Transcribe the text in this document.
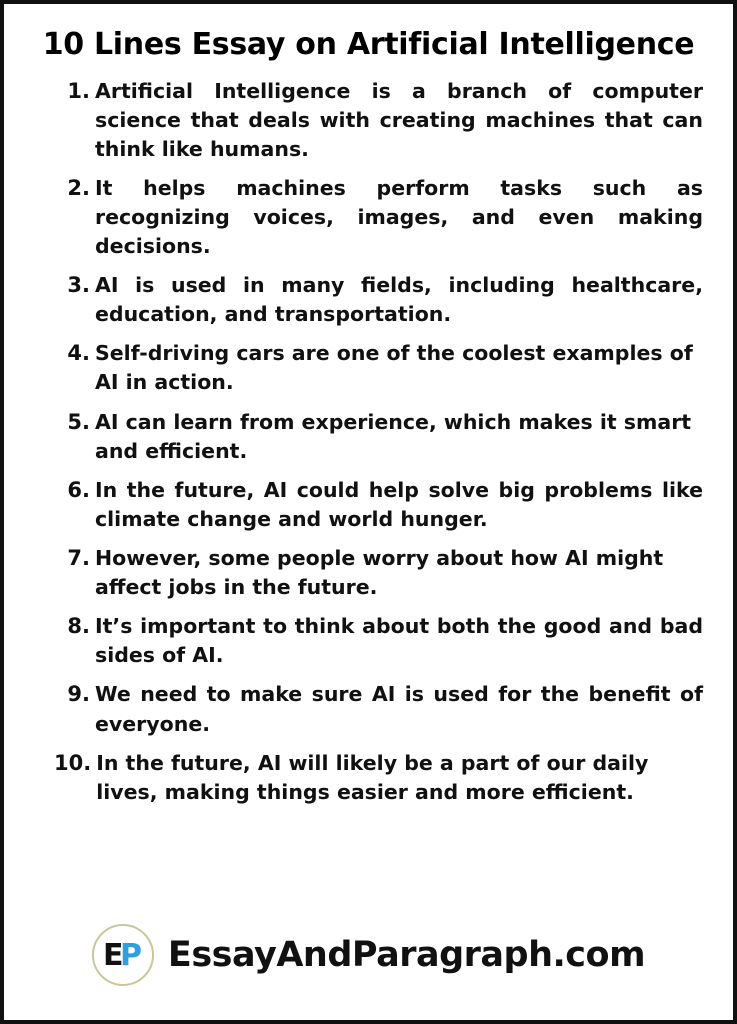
10 Lines Essay on Artificial Intelligence
1. Artificial Intelligence is a branch of computer science that deals with creating machines that can think like humans.
2. It helps machines perform tasks such as recognizing voices, images, and even making decisions.
3. AI is used in many fields, including healthcare, education, and transportation.
4. Self-driving cars are one of the coolest examples of AI in action.
5. AI can learn from experience, which makes it smart and efficient.
6. In the future, AI could help solve big problems like climate change and world hunger.
7. However, some people worry about how AI might affect jobs in the future.
8. It’s important to think about both the good and bad sides of AI.
9. We need to make sure AI is used for the benefit of everyone.
10. In the future, AI will likely be a part of our daily lives, making things easier and more efficient.
E
P EssayAndParagraph.com
